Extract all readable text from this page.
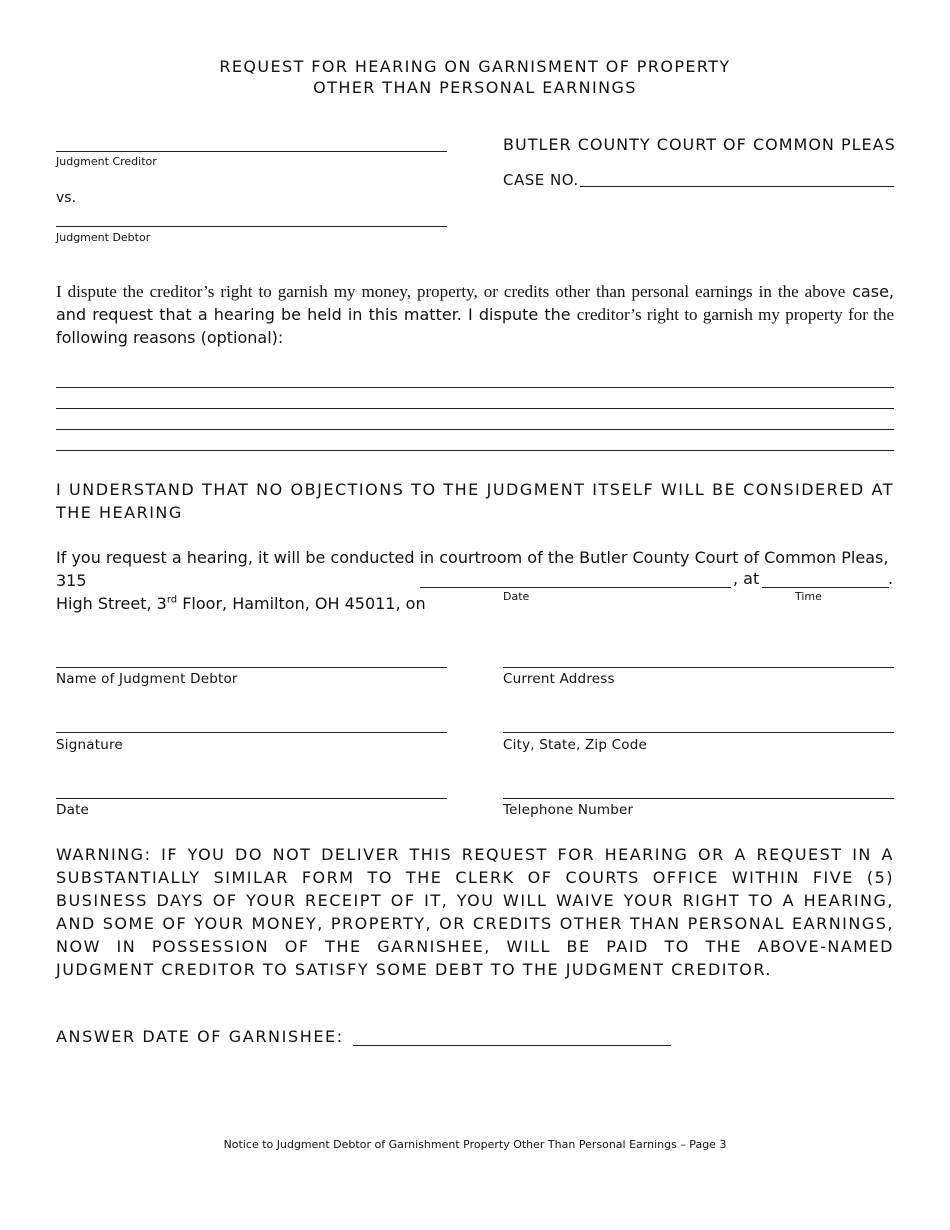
REQUEST FOR HEARING ON GARNISMENT OF PROPERTY
OTHER THAN PERSONAL EARNINGS
Judgment Creditor
vs.
Judgment Debtor
BUTLER COUNTY COURT OF COMMON PLEAS
CASE NO.
I dispute the creditor’s right to garnish my money, property, or credits other than personal earnings in the above case, and request that a hearing be held in this matter. I dispute the creditor’s right to garnish my property for the following reasons (optional):
I UNDERSTAND THAT NO OBJECTIONS TO THE JUDGMENT ITSELF WILL BE CONSIDERED AT THE HEARING
If you request a hearing, it will be conducted in courtroom of the Butler County Court of Common Pleas, 315
High Street, 3rd Floor, Hamilton, OH 45011, on
, at	.
Date	Time
Name of Judgment Debtor	Current Address
Signature	City, State, Zip Code
Date	Telephone Number
WARNING: IF YOU DO NOT DELIVER THIS REQUEST FOR HEARING OR A REQUEST IN A SUBSTANTIALLY SIMILAR FORM TO THE CLERK OF COURTS OFFICE WITHIN FIVE (5) BUSINESS DAYS OF YOUR RECEIPT OF IT, YOU WILL WAIVE YOUR RIGHT TO A HEARING, AND SOME OF YOUR MONEY, PROPERTY, OR CREDITS OTHER THAN PERSONAL EARNINGS, NOW IN POSSESSION OF THE GARNISHEE, WILL BE PAID TO THE ABOVE-NAMED JUDGMENT CREDITOR TO SATISFY SOME DEBT TO THE JUDGMENT CREDITOR.
ANSWER DATE OF GARNISHEE:
Notice to Judgment Debtor of Garnishment Property Other Than Personal Earnings – Page 3
